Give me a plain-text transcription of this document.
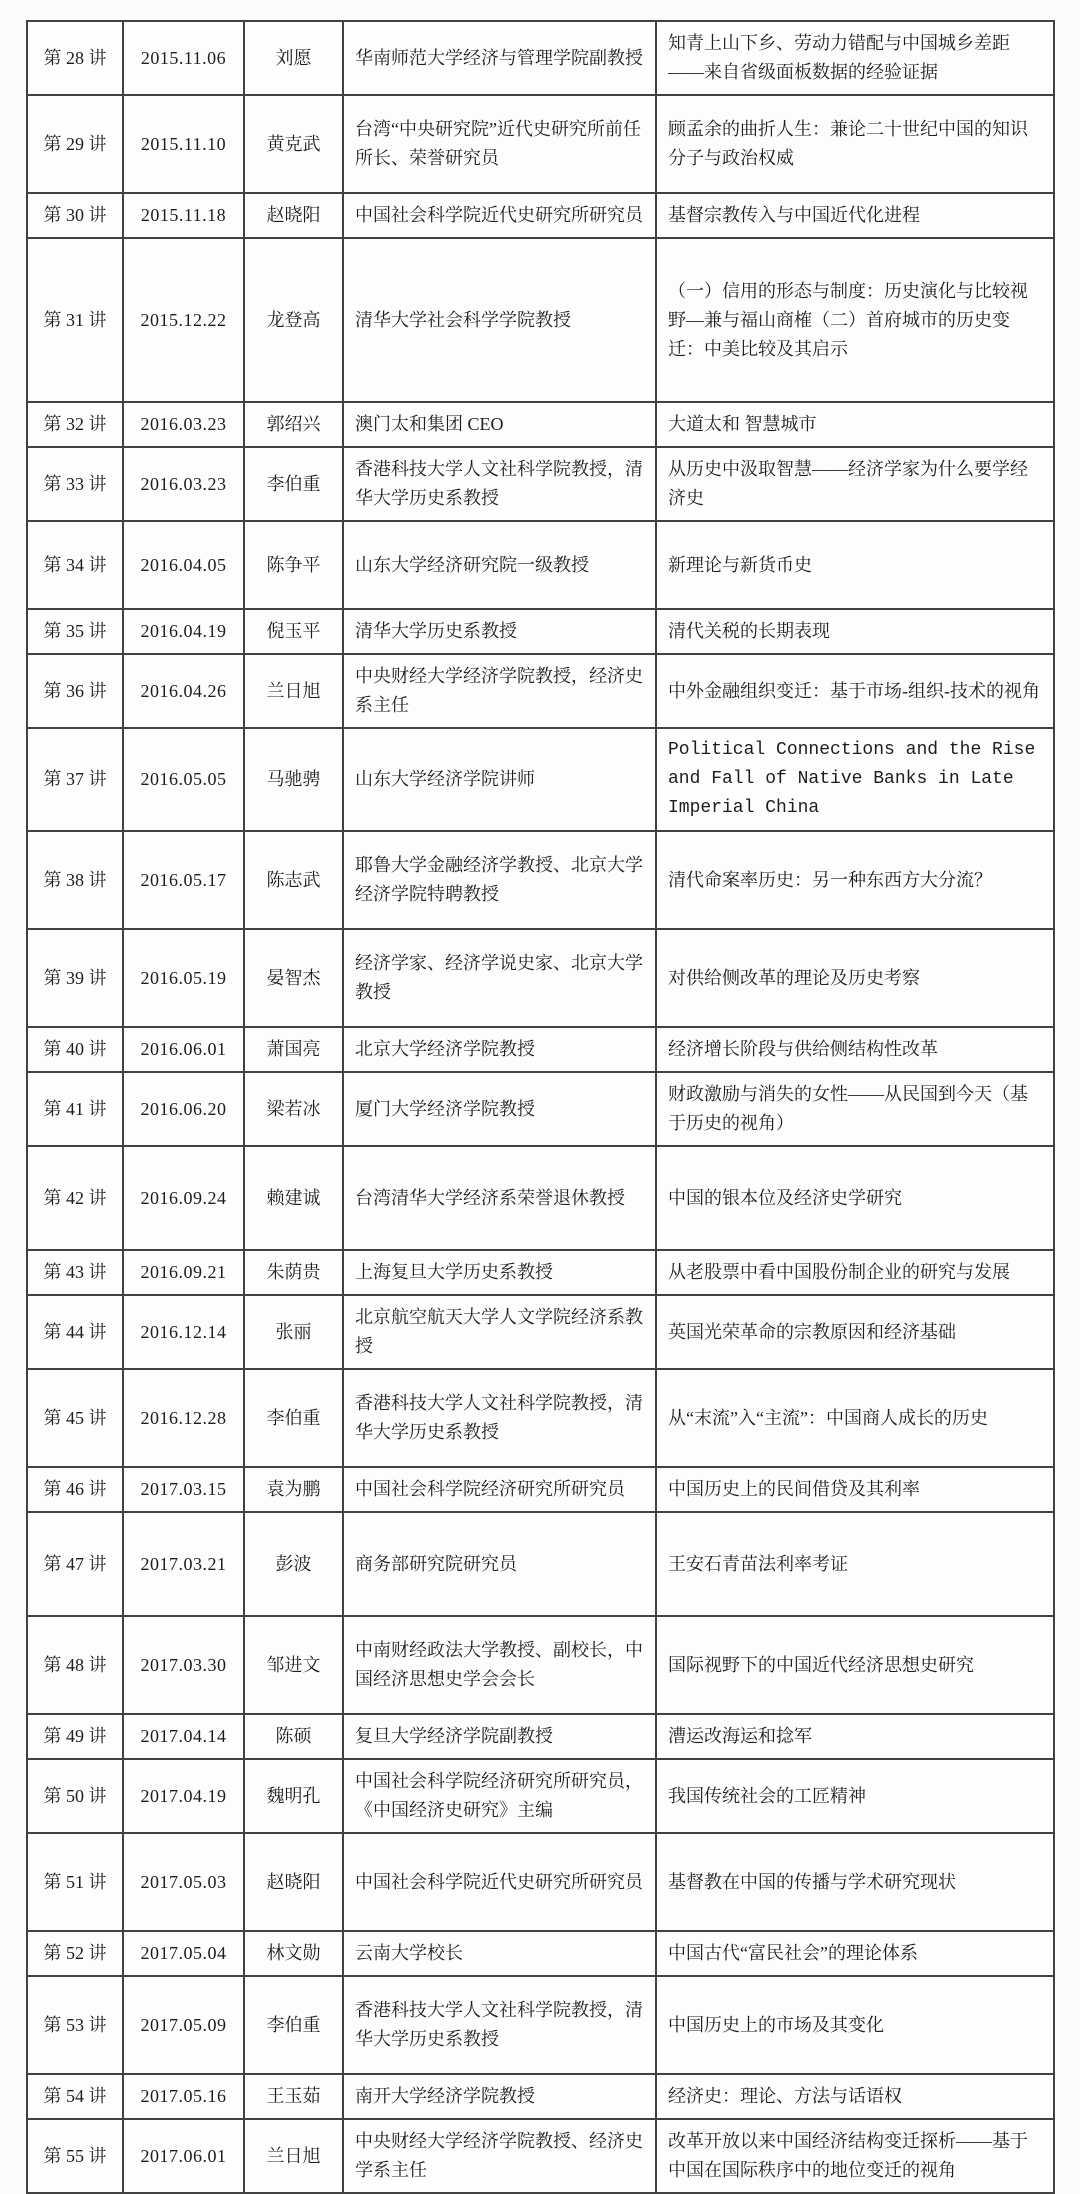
第 28 讲	2015.11.06	刘愿	华南师范大学经济与管理学院副教授	知青上山下乡、劳动力错配与中国城乡差距——来自省级面板数据的经验证据
第 29 讲	2015.11.10	黄克武	台湾“中央研究院”近代史研究所前任所长、荣誉研究员	顾孟余的曲折人生：兼论二十世纪中国的知识分子与政治权威
第 30 讲	2015.11.18	赵晓阳	中国社会科学院近代史研究所研究员	基督宗教传入与中国近代化进程
第 31 讲	2015.12.22	龙登高	清华大学社会科学学院教授	（一）信用的形态与制度：历史演化与比较视野—兼与福山商榷（二）首府城市的历史变迁：中美比较及其启示
第 32 讲	2016.03.23	郭绍兴	澳门太和集团 CEO	大道太和 智慧城市
第 33 讲	2016.03.23	李伯重	香港科技大学人文社科学院教授，清华大学历史系教授	从历史中汲取智慧——经济学家为什么要学经济史
第 34 讲	2016.04.05	陈争平	山东大学经济研究院一级教授	新理论与新货币史
第 35 讲	2016.04.19	倪玉平	清华大学历史系教授	清代关税的长期表现
第 36 讲	2016.04.26	兰日旭	中央财经大学经济学院教授，经济史系主任	中外金融组织变迁：基于市场-组织-技术的视角
第 37 讲	2016.05.05	马驰骋	山东大学经济学院讲师	Political Connections and the Rise and Fall of Native Banks in Late Imperial China
第 38 讲	2016.05.17	陈志武	耶鲁大学金融经济学教授、北京大学经济学院特聘教授	清代命案率历史：另一种东西方大分流？
第 39 讲	2016.05.19	晏智杰	经济学家、经济学说史家、北京大学教授	对供给侧改革的理论及历史考察
第 40 讲	2016.06.01	萧国亮	北京大学经济学院教授	经济增长阶段与供给侧结构性改革
第 41 讲	2016.06.20	梁若冰	厦门大学经济学院教授	财政激励与消失的女性——从民国到今天（基于历史的视角）
第 42 讲	2016.09.24	赖建诚	台湾清华大学经济系荣誉退休教授	中国的银本位及经济史学研究
第 43 讲	2016.09.21	朱荫贵	上海复旦大学历史系教授	从老股票中看中国股份制企业的研究与发展
第 44 讲	2016.12.14	张丽	北京航空航天大学人文学院经济系教授	英国光荣革命的宗教原因和经济基础
第 45 讲	2016.12.28	李伯重	香港科技大学人文社科学院教授，清华大学历史系教授	从“末流”入“主流”：中国商人成长的历史
第 46 讲	2017.03.15	袁为鹏	中国社会科学院经济研究所研究员	中国历史上的民间借贷及其利率
第 47 讲	2017.03.21	彭波	商务部研究院研究员	王安石青苗法利率考证
第 48 讲	2017.03.30	邹进文	中南财经政法大学教授、副校长，中国经济思想史学会会长	国际视野下的中国近代经济思想史研究
第 49 讲	2017.04.14	陈硕	复旦大学经济学院副教授	漕运改海运和捻军
第 50 讲	2017.04.19	魏明孔	中国社会科学院经济研究所研究员，《中国经济史研究》主编	我国传统社会的工匠精神
第 51 讲	2017.05.03	赵晓阳	中国社会科学院近代史研究所研究员	基督教在中国的传播与学术研究现状
第 52 讲	2017.05.04	林文勋	云南大学校长	中国古代“富民社会”的理论体系
第 53 讲	2017.05.09	李伯重	香港科技大学人文社科学院教授，清华大学历史系教授	中国历史上的市场及其变化
第 54 讲	2017.05.16	王玉茹	南开大学经济学院教授	经济史：理论、方法与话语权
第 55 讲	2017.06.01	兰日旭	中央财经大学经济学院教授、经济史学系主任	改革开放以来中国经济结构变迁探析——基于中国在国际秩序中的地位变迁的视角
